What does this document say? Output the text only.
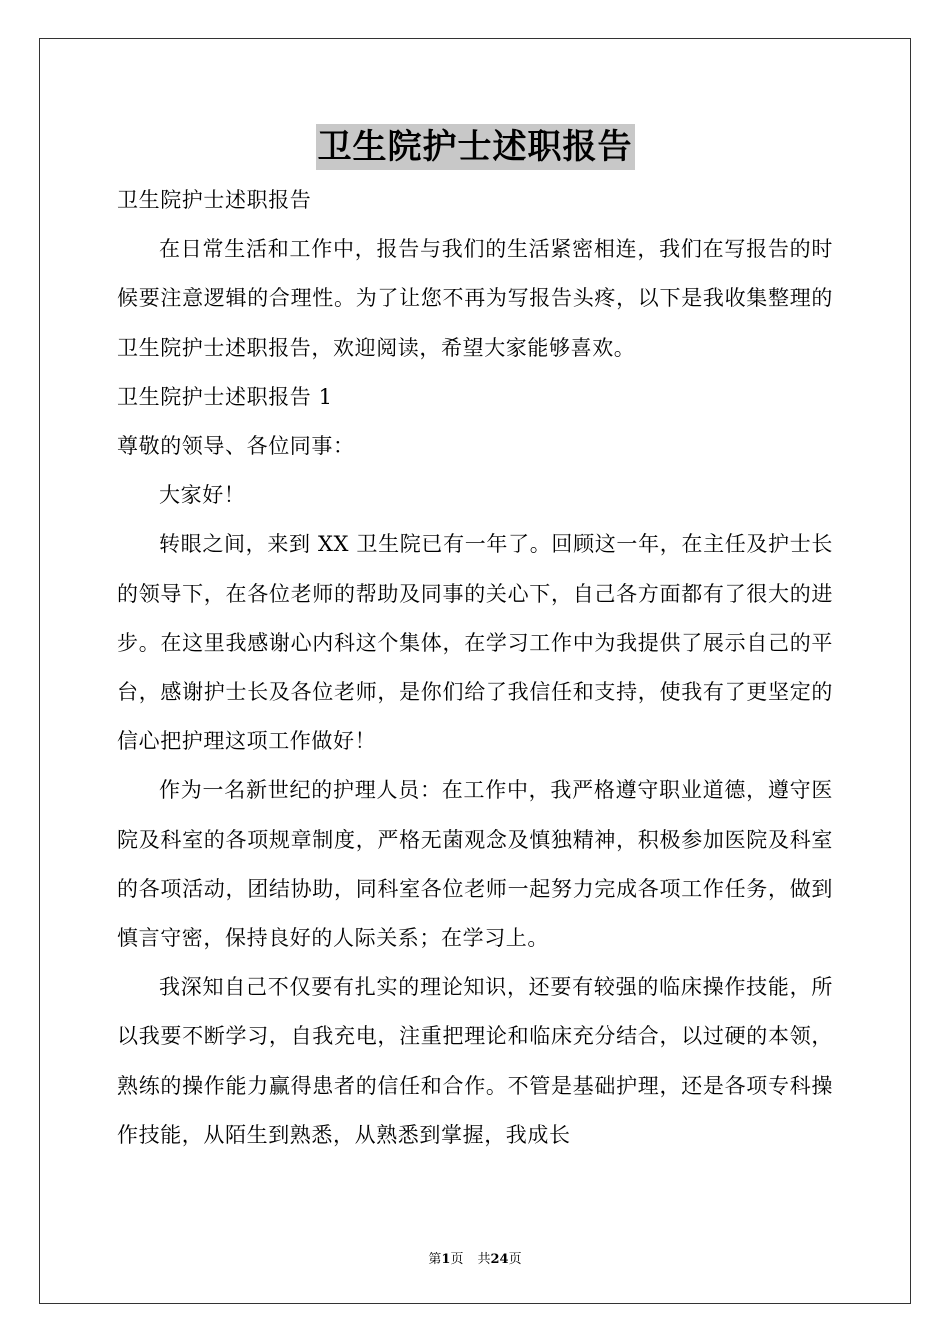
卫生院护士述职报告

卫生院护士述职报告

在日常生活和工作中，报告与我们的生活紧密相连，我们在写报告的时候要注意逻辑的合理性。为了让您不再为写报告头疼，以下是我收集整理的卫生院护士述职报告，欢迎阅读，希望大家能够喜欢。

卫生院护士述职报告 1

尊敬的领导、各位同事：

大家好！

转眼之间，来到 XX 卫生院已有一年了。回顾这一年，在主任及护士长的领导下，在各位老师的帮助及同事的关心下，自己各方面都有了很大的进步。在这里我感谢心内科这个集体，在学习工作中为我提供了展示自己的平台，感谢护士长及各位老师，是你们给了我信任和支持，使我有了更坚定的信心把护理这项工作做好！

作为一名新世纪的护理人员：在工作中，我严格遵守职业道德，遵守医院及科室的各项规章制度，严格无菌观念及慎独精神，积极参加医院及科室的各项活动，团结协助，同科室各位老师一起努力完成各项工作任务，做到慎言守密，保持良好的人际关系；在学习上。

我深知自己不仅要有扎实的理论知识，还要有较强的临床操作技能，所以我要不断学习，自我充电，注重把理论和临床充分结合，以过硬的本领，熟练的操作能力赢得患者的信任和合作。不管是基础护理，还是各项专科操作技能，从陌生到熟悉，从熟悉到掌握，我成长

第1页 共24页
